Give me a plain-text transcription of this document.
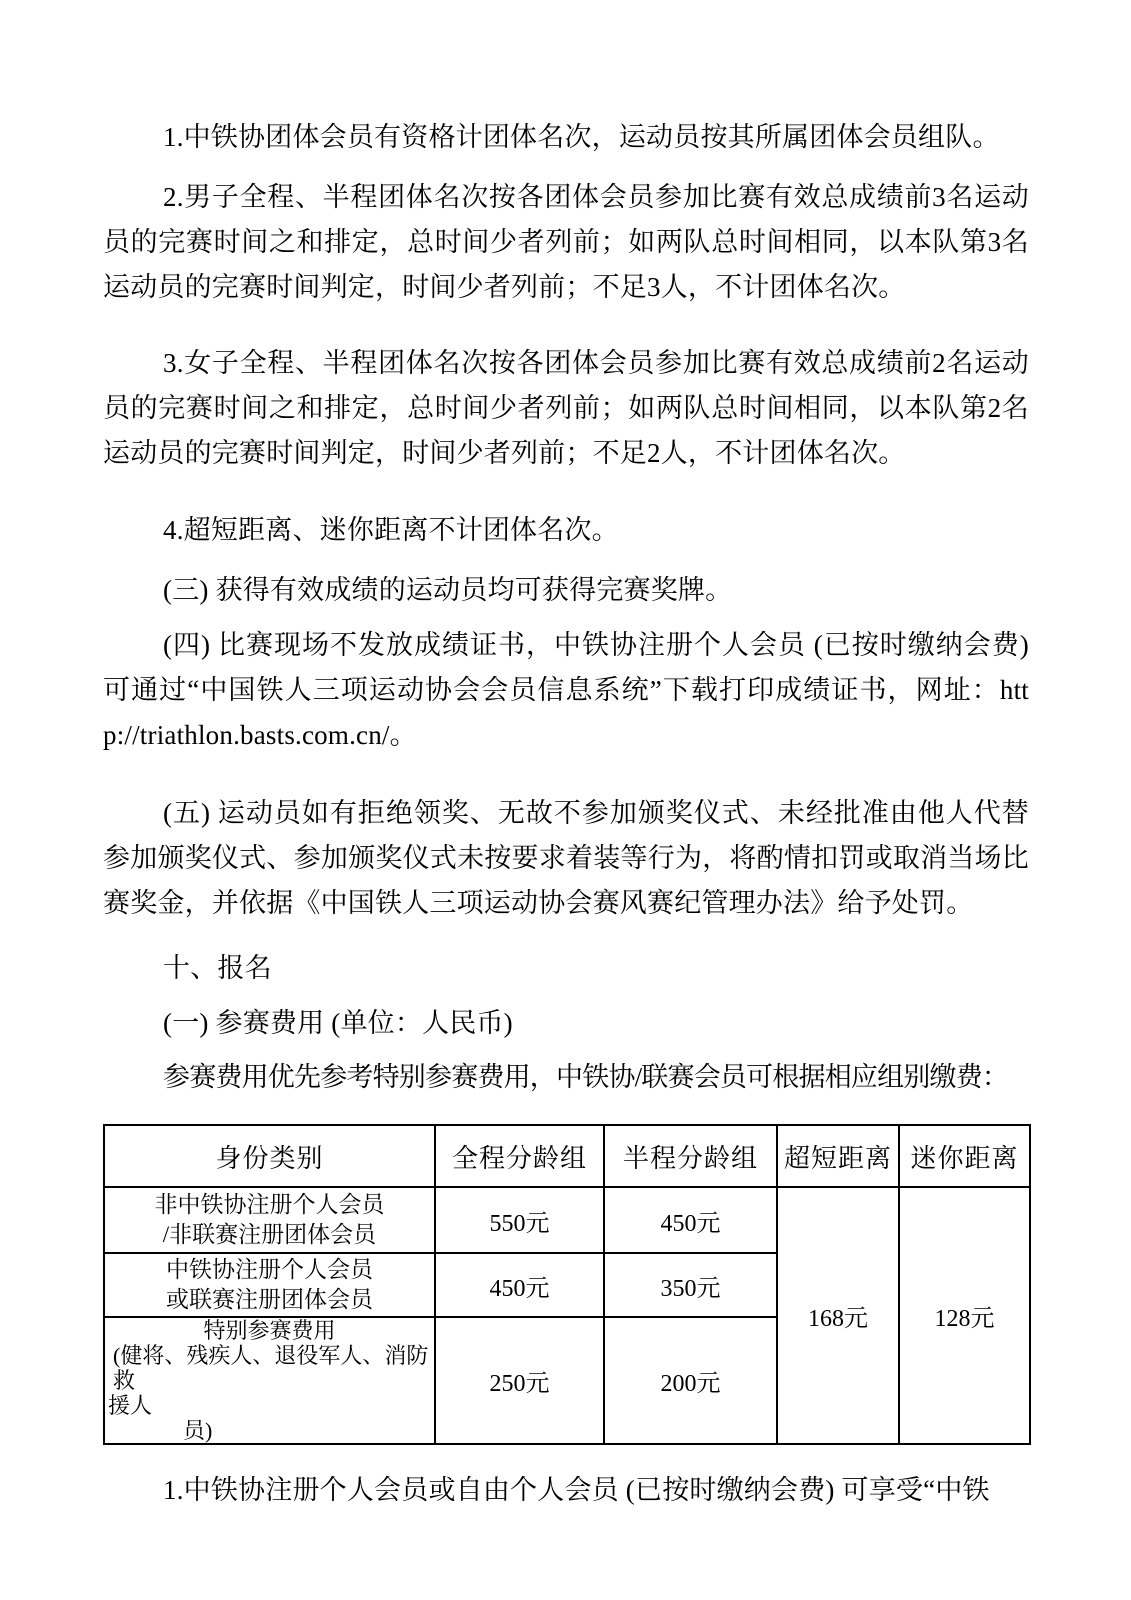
1.中铁协团体会员有资格计团体名次，运动员按其所属团体会员组队。

2.男子全程、半程团体名次按各团体会员参加比赛有效总成绩前3名运动员的完赛时间之和排定，总时间少者列前；如两队总时间相同，以本队第3名运动员的完赛时间判定，时间少者列前；不足3人，不计团体名次。

3.女子全程、半程团体名次按各团体会员参加比赛有效总成绩前2名运动员的完赛时间之和排定，总时间少者列前；如两队总时间相同，以本队第2名运动员的完赛时间判定，时间少者列前；不足2人，不计团体名次。

4.超短距离、迷你距离不计团体名次。

(三) 获得有效成绩的运动员均可获得完赛奖牌。

(四) 比赛现场不发放成绩证书，中铁协注册个人会员 (已按时缴纳会费) 可通过“中国铁人三项运动协会会员信息系统”下载打印成绩证书，网址：http://triathlon.basts.com.cn/。

(五) 运动员如有拒绝领奖、无故不参加颁奖仪式、未经批准由他人代替参加颁奖仪式、参加颁奖仪式未按要求着装等行为，将酌情扣罚或取消当场比赛奖金，并依据《中国铁人三项运动协会赛风赛纪管理办法》给予处罚。

十、报名

(一) 参赛费用 (单位：人民币)

参赛费用优先参考特别参赛费用，中铁协/联赛会员可根据相应组别缴费：

身份类别	全程分龄组	半程分龄组	超短距离	迷你距离

非中铁协注册个人会员
/非联赛注册团体会员	550元	450元	168元	128元

中铁协注册个人会员
或联赛注册团体会员	450元	350元		

特别参赛费用
(健将、残疾人、退役军人、消防救
援人
员)	250元	200元		

1.中铁协注册个人会员或自由个人会员 (已按时缴纳会费) 可享受“中铁
